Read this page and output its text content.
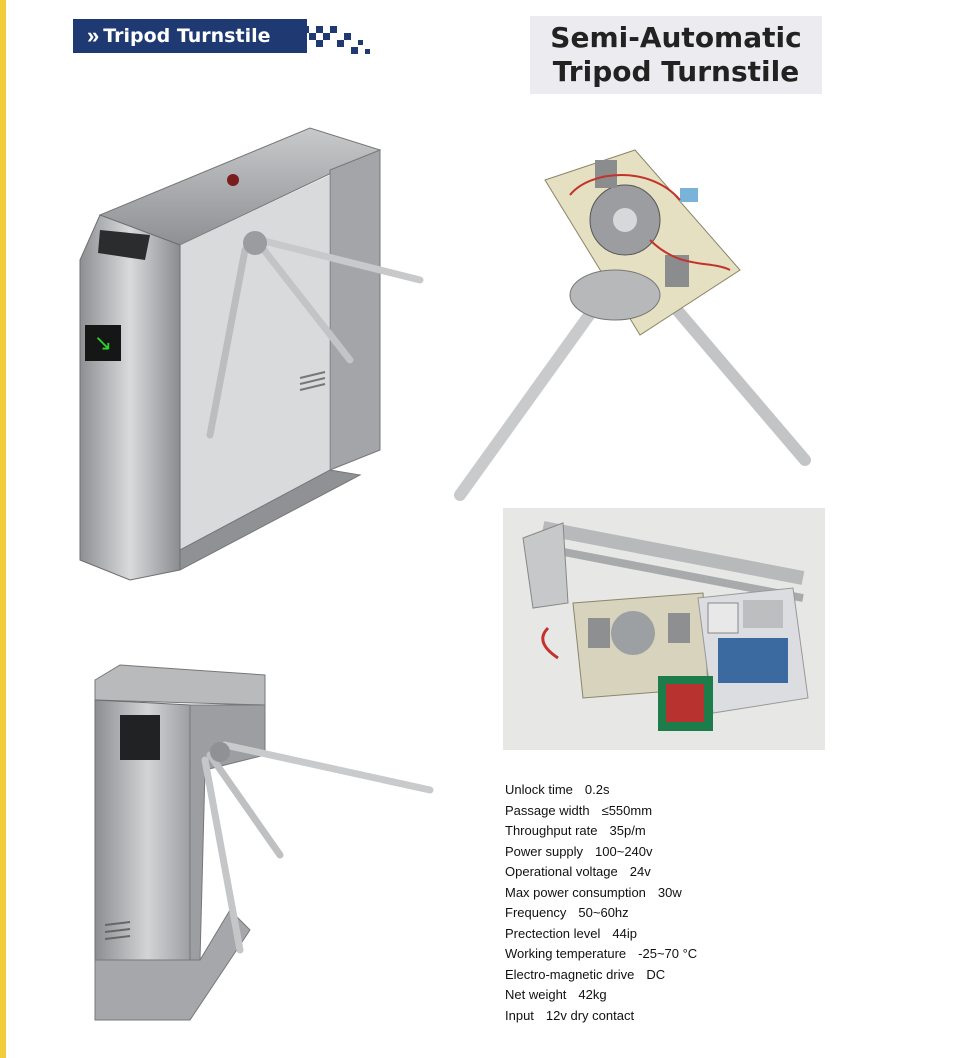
» Tripod Turnstile	Semi-Automatic
Tripod Turnstile
↘
Unlock time 0.2s
Passage width ≤550mm
Throughput rate 35p/m
Power supply 100~240v
Operational voltage 24v
Max power consumption 30w
Frequency 50~60hz
Prectection level 44ip
Working temperature -25~70 °C
Electro-magnetic drive DC
Net weight 42kg
Input 12v dry contact
